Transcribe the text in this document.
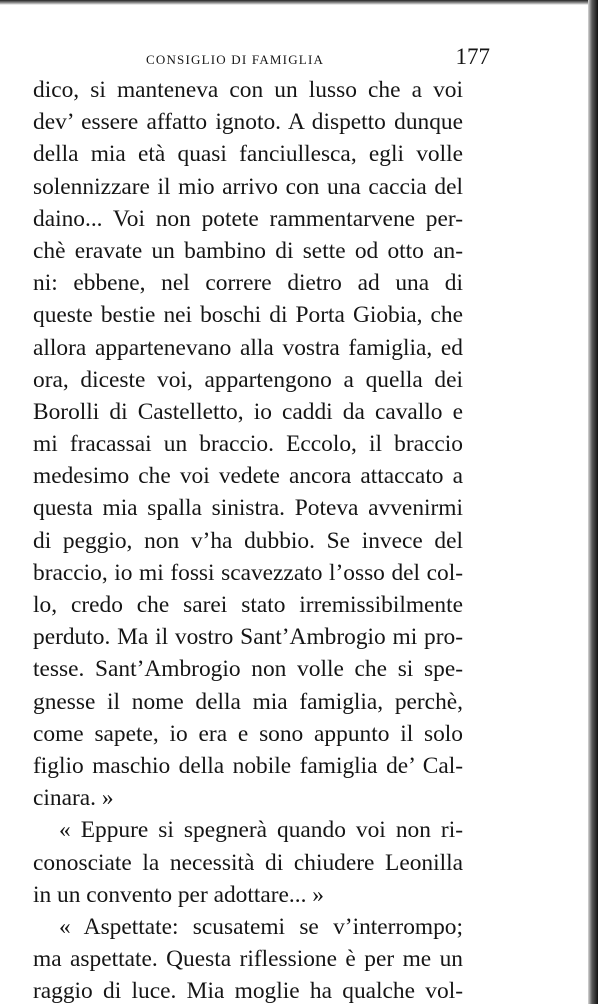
CONSIGLIO DI FAMIGLIA	177
dico, si manteneva con un lusso che a voi
dev’ essere affatto ignoto. A dispetto dunque
della mia età quasi fanciullesca, egli volle
solennizzare il mio arrivo con una caccia del
daino... Voi non potete rammentarvene per-
chè eravate un bambino di sette od otto an-
ni: ebbene, nel correre dietro ad una di
queste bestie nei boschi di Porta Giobia, che
allora appartenevano alla vostra famiglia, ed
ora, diceste voi, appartengono a quella dei
Borolli di Castelletto, io caddi da cavallo e
mi fracassai un braccio. Eccolo, il braccio
medesimo che voi vedete ancora attaccato a
questa mia spalla sinistra. Poteva avvenirmi
di peggio, non v’ha dubbio. Se invece del
braccio, io mi fossi scavezzato l’osso del col-
lo, credo che sarei stato irremissibilmente
perduto. Ma il vostro Sant’Ambrogio mi pro-
tesse. Sant’Ambrogio non volle che si spe-
gnesse il nome della mia famiglia, perchè,
come sapete, io era e sono appunto il solo
figlio maschio della nobile famiglia de’ Cal-
cinara. »
« Eppure si spegnerà quando voi non ri-
conosciate la necessità di chiudere Leonilla
in un convento per adottare... »
« Aspettate: scusatemi se v’interrompo;
ma aspettate. Questa riflessione è per me un
raggio di luce. Mia moglie ha qualche vol-
